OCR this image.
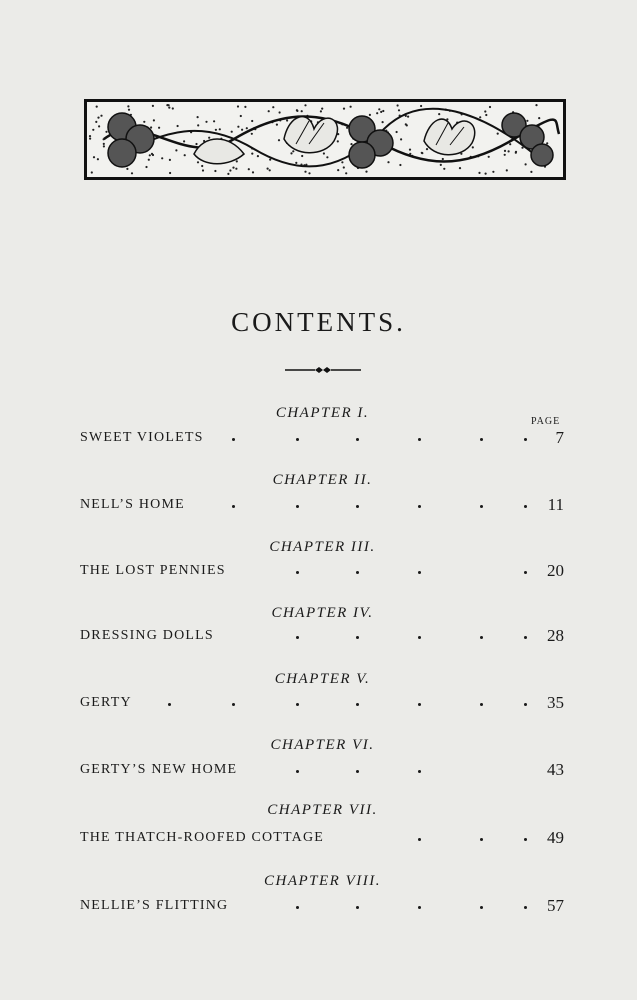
CONTENTS.
PAGE
CHAPTER I.
SWEET VIOLETS	7
CHAPTER II.
NELL’S HOME	11
CHAPTER III.
THE LOST PENNIES	20
CHAPTER IV.
DRESSING DOLLS	28
CHAPTER V.
GERTY	35
CHAPTER VI.
GERTY’S NEW HOME	43
CHAPTER VII.
THE THATCH-ROOFED COTTAGE	49
CHAPTER VIII.
NELLIE’S FLITTING	57
